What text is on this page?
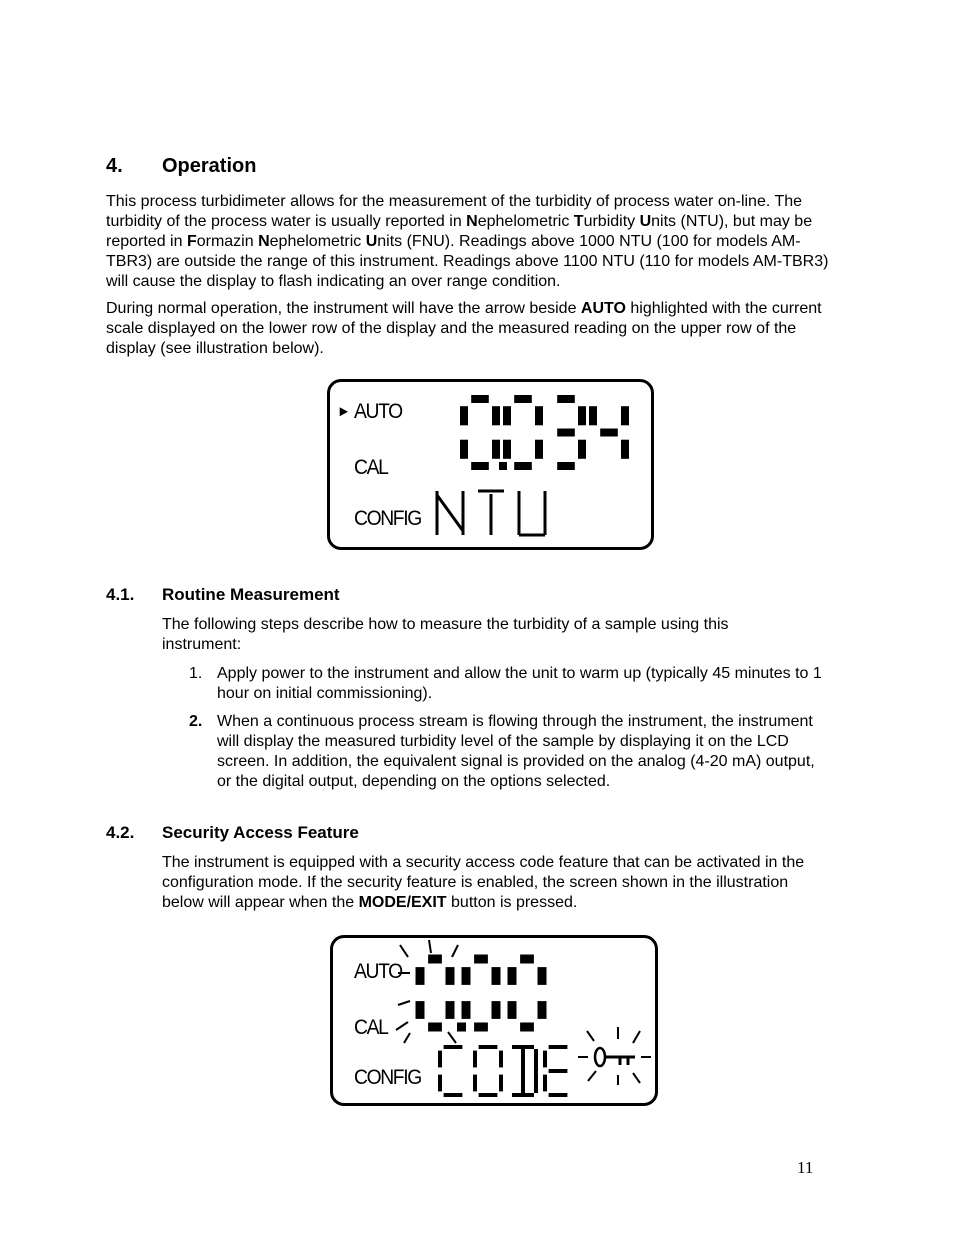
4. Operation

This process turbidimeter allows for the measurement of the turbidity of process water on-line. The turbidity of the process water is usually reported in Nephelometric Turbidity Units (NTU), but may be reported in Formazin Nephelometric Units (FNU). Readings above 1000 NTU (100 for models AM-TBR3) are outside the range of this instrument. Readings above 1100 NTU (110 for models AM-TBR3) will cause the display to flash indicating an over range condition.

During normal operation, the instrument will have the arrow beside AUTO highlighted with the current scale displayed on the lower row of the display and the measured reading on the upper row of the display (see illustration below).

► AUTO
CAL
CONFIG
4.1. Routine Measurement

The following steps describe how to measure the turbidity of a sample using this instrument:

1. Apply power to the instrument and allow the unit to warm up (typically 45 minutes to 1 hour on initial commissioning).
2. When a continuous process stream is flowing through the instrument, the instrument will display the measured turbidity level of the sample by displaying it on the LCD screen. In addition, the equivalent signal is provided on the analog (4-20 mA) output, or the digital output, depending on the options selected.
4.2. Security Access Feature

The instrument is equipped with a security access code feature that can be activated in the configuration mode. If the security feature is enabled, the screen shown in the illustration below will appear when the MODE/EXIT button is pressed.

AUTO
CAL
CONFIG
11
